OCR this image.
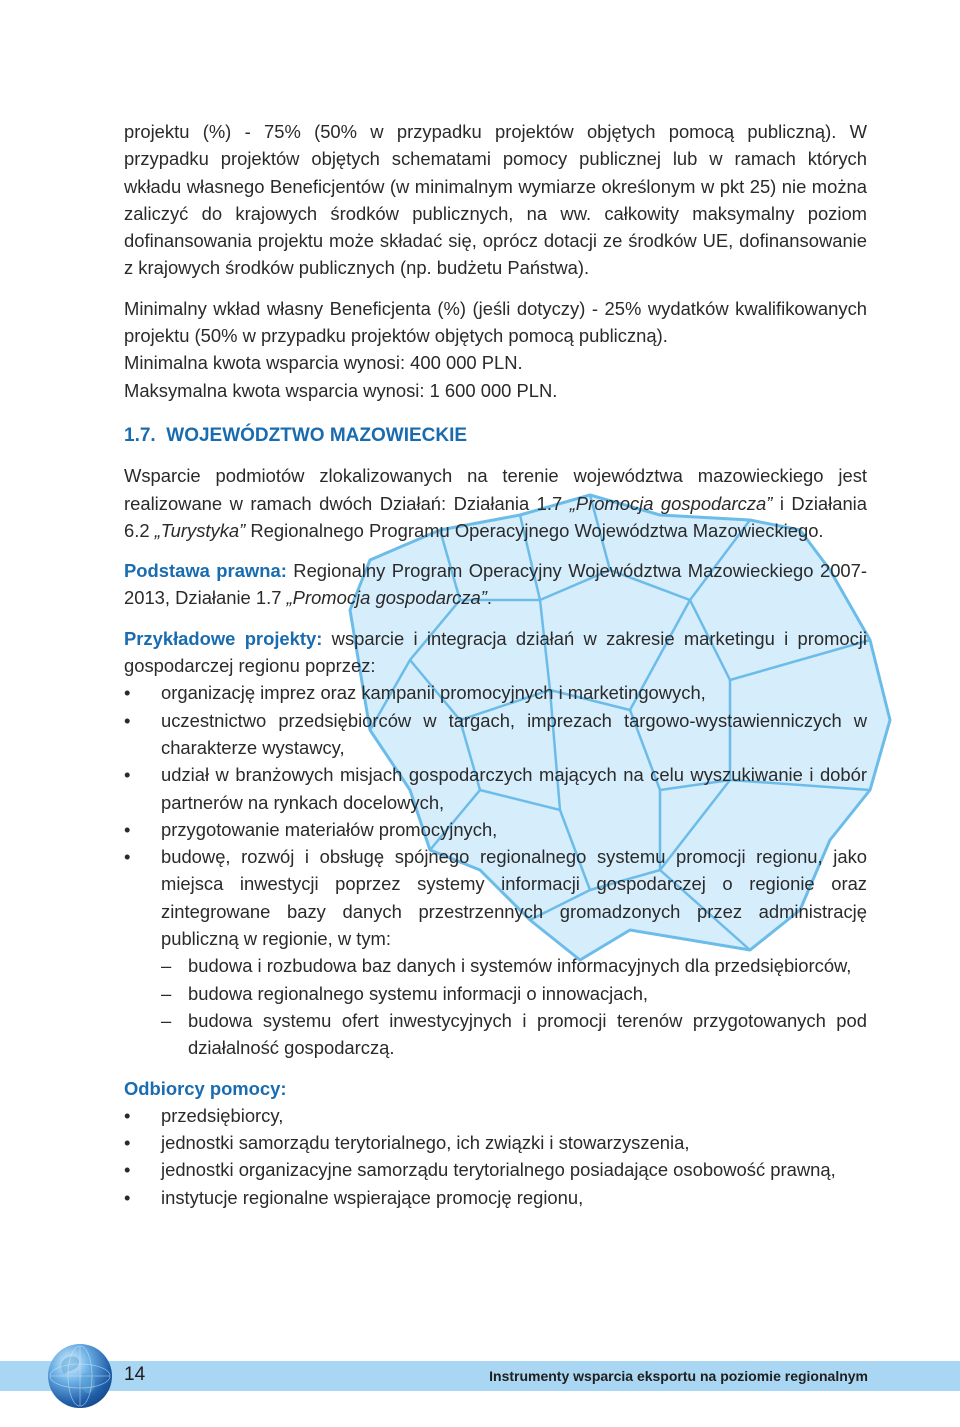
projektu (%) - 75% (50% w przypadku projektów objętych pomocą publiczną). W przypadku projektów objętych schematami pomocy publicznej lub w ramach których wkładu własnego Beneficjentów (w minimalnym wymiarze określonym w pkt 25) nie można zaliczyć do krajowych środków publicznych, na ww. całkowity maksymalny poziom dofinansowania projektu może składać się, oprócz dotacji ze środków UE, dofinansowanie z krajowych środków publicznych (np. budżetu Państwa).

Minimalny wkład własny Beneficjenta (%) (jeśli dotyczy) - 25% wydatków kwalifikowanych projektu (50% w przypadku projektów objętych pomocą publiczną).

Minimalna kwota wsparcia wynosi: 400 000 PLN.

Maksymalna kwota wsparcia wynosi: 1 600 000 PLN.

1.7. WOJEWÓDZTWO MAZOWIECKIE

Wsparcie podmiotów zlokalizowanych na terenie województwa mazowieckiego jest realizowane w ramach dwóch Działań: Działania 1.7 „Promocja gospodarcza” i Działania 6.2 „Turystyka” Regionalnego Programu Operacyjnego Województwa Mazowieckiego.

Podstawa prawna: Regionalny Program Operacyjny Województwa Mazowieckiego 2007-2013, Działanie 1.7 „Promocja gospodarcza”.

Przykładowe projekty: wsparcie i integracja działań w zakresie marketingu i promocji gospodarczej regionu poprzez:

• organizację imprez oraz kampanii promocyjnych i marketingowych,
• uczestnictwo przedsiębiorców w targach, imprezach targowo-wystawienniczych w charakterze wystawcy,
• udział w branżowych misjach gospodarczych mających na celu wyszukiwanie i dobór partnerów na rynkach docelowych,
• przygotowanie materiałów promocyjnych,
• budowę, rozwój i obsługę spójnego regionalnego systemu promocji regionu, jako miejsca inwestycji poprzez systemy informacji gospodarczej o regionie oraz zintegrowane bazy danych przestrzennych gromadzonych przez administrację publiczną w regionie, w tym:
– budowa i rozbudowa baz danych i systemów informacyjnych dla przedsiębiorców,
– budowa regionalnego systemu informacji o innowacjach,
– budowa systemu ofert inwestycyjnych i promocji terenów przygotowanych pod działalność gospodarczą.

Odbiorcy pomocy:

• przedsiębiorcy,
• jednostki samorządu terytorialnego, ich związki i stowarzyszenia,
• jednostki organizacyjne samorządu terytorialnego posiadające osobowość prawną,
• instytucje regionalne wspierające promocję regionu,
14	Instrumenty wsparcia eksportu na poziomie regionalnym
